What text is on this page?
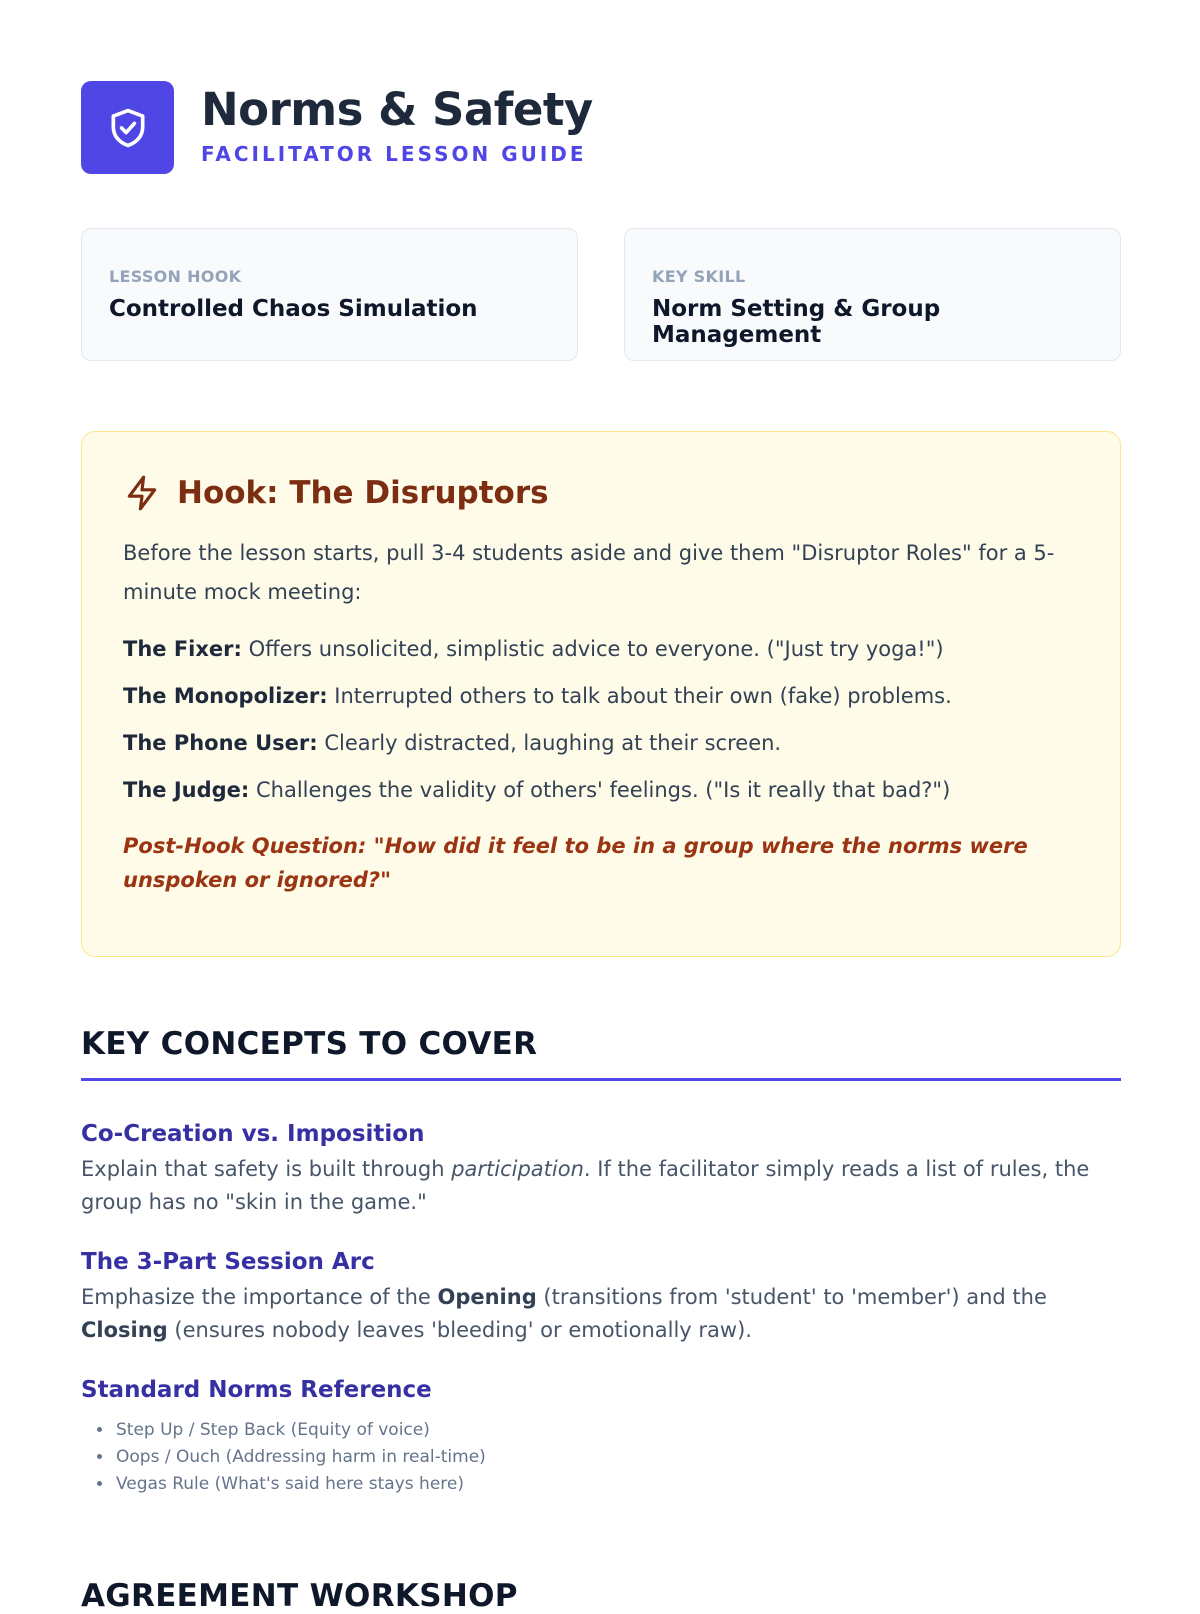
Norms & Safety
FACILITATOR LESSON GUIDE
LESSON HOOK
Controlled Chaos Simulation
KEY SKILL
Norm Setting & Group Management
Hook: The Disruptors
Before the lesson starts, pull 3-4 students aside and give them "Disruptor Roles" for a 5-minute mock meeting:
The Fixer: Offers unsolicited, simplistic advice to everyone. ("Just try yoga!")
The Monopolizer: Interrupted others to talk about their own (fake) problems.
The Phone User: Clearly distracted, laughing at their screen.
The Judge: Challenges the validity of others' feelings. ("Is it really that bad?")
Post-Hook Question: "How did it feel to be in a group where the norms were unspoken or ignored?"
KEY CONCEPTS TO COVER
Co-Creation vs. Imposition
Explain that safety is built through participation. If the facilitator simply reads a list of rules, the group has no "skin in the game."
The 3-Part Session Arc
Emphasize the importance of the Opening (transitions from 'student' to 'member') and the Closing (ensures nobody leaves 'bleeding' or emotionally raw).
Standard Norms Reference
• Step Up / Step Back (Equity of voice)
• Oops / Ouch (Addressing harm in real-time)
• Vegas Rule (What's said here stays here)
AGREEMENT WORKSHOP
